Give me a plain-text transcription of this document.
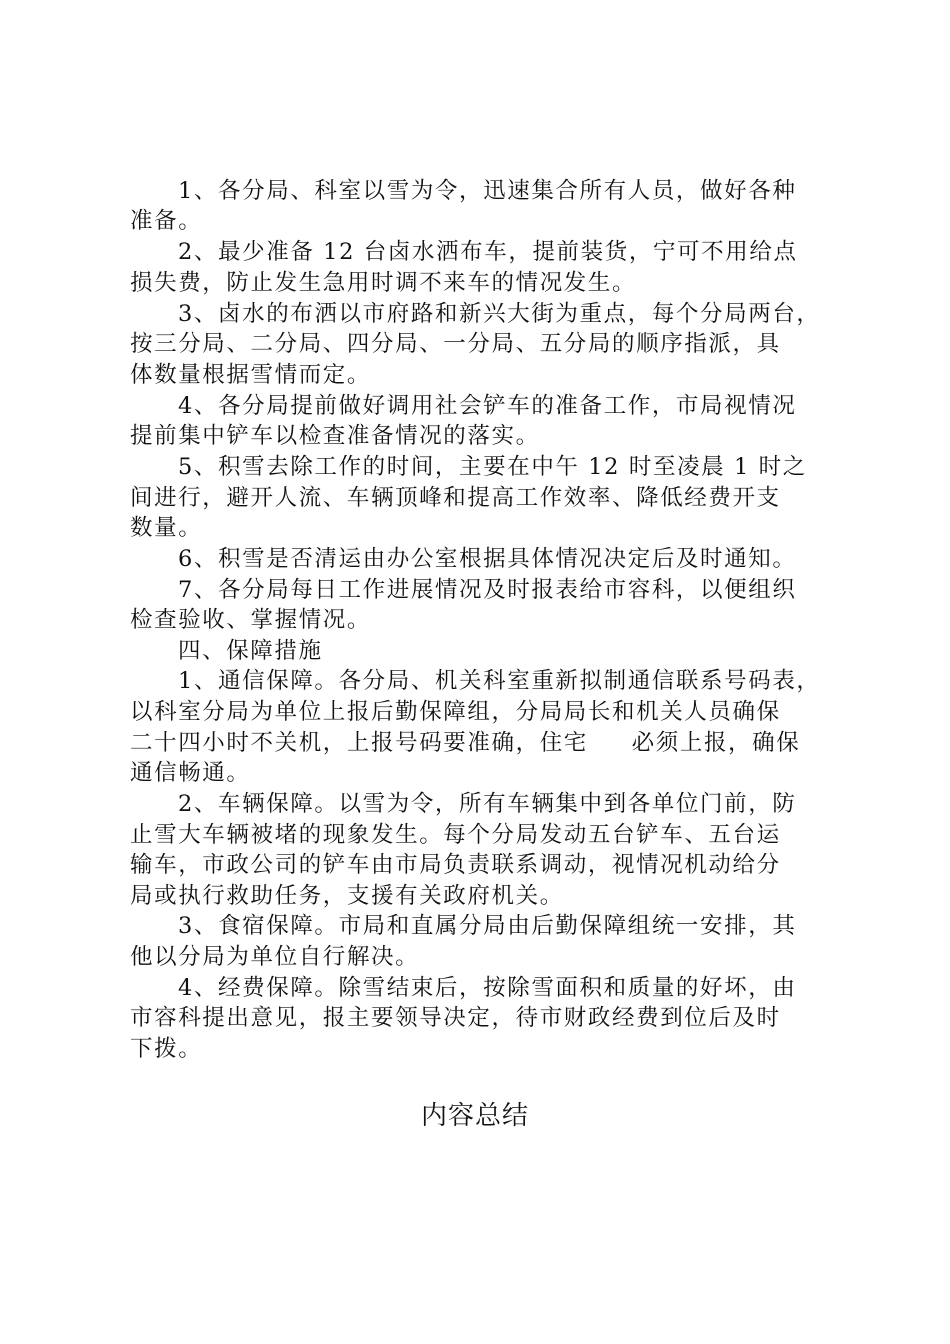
1、各分局、科室以雪为令，迅速集合所有人员，做好各种
准备。
2、最少准备 12 台卤水洒布车，提前装货，宁可不用给点
损失费，防止发生急用时调不来车的情况发生。
3、卤水的布洒以市府路和新兴大街为重点，每个分局两台，
按三分局、二分局、四分局、一分局、五分局的顺序指派，具
体数量根据雪情而定。
4、各分局提前做好调用社会铲车的准备工作，市局视情况
提前集中铲车以检查准备情况的落实。
5、积雪去除工作的时间，主要在中午 12 时至凌晨 1 时之
间进行，避开人流、车辆顶峰和提高工作效率、降低经费开支
数量。
6、积雪是否清运由办公室根据具体情况决定后及时通知。
7、各分局每日工作进展情况及时报表给市容科，以便组织
检查验收、掌握情况。
四、保障措施
1、通信保障。各分局、机关科室重新拟制通信联系号码表，
以科室分局为单位上报后勤保障组，分局局长和机关人员确保
二十四小时不关机，上报号码要准确，住宅     必须上报，确保
通信畅通。
2、车辆保障。以雪为令，所有车辆集中到各单位门前，防
止雪大车辆被堵的现象发生。每个分局发动五台铲车、五台运
输车，市政公司的铲车由市局负责联系调动，视情况机动给分
局或执行救助任务，支援有关政府机关。
3、食宿保障。市局和直属分局由后勤保障组统一安排，其
他以分局为单位自行解决。
4、经费保障。除雪结束后，按除雪面积和质量的好坏，由
市容科提出意见，报主要领导决定，待市财政经费到位后及时
下拨。
内容总结
